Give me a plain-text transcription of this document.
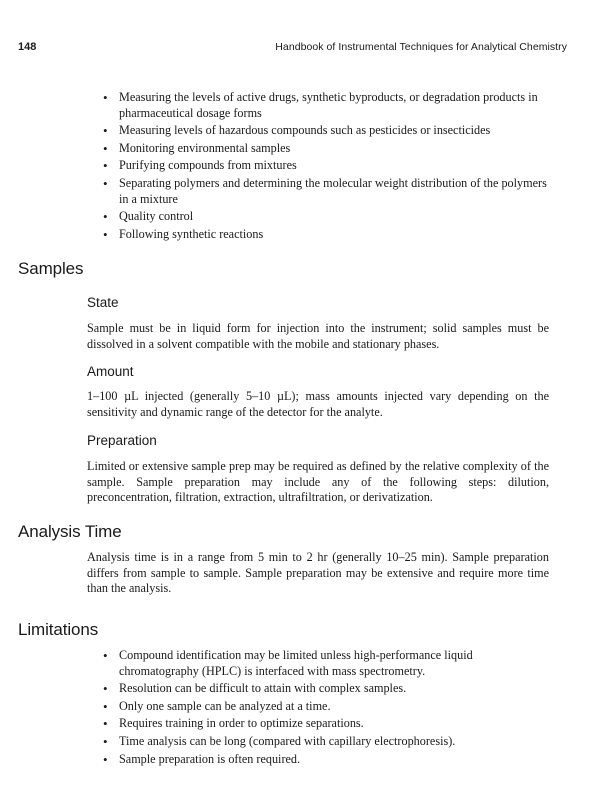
148	Handbook of Instrumental Techniques for Analytical Chemistry
• Measuring the levels of active drugs, synthetic byproducts, or degradation products in pharmaceutical dosage forms
• Measuring levels of hazardous compounds such as pesticides or insecticides
• Monitoring environmental samples
• Purifying compounds from mixtures
• Separating polymers and determining the molecular weight distribution of the polymers in a mixture
• Quality control
• Following synthetic reactions
Samples
State

Sample must be in liquid form for injection into the instrument; solid samples must be dissolved in a solvent compatible with the mobile and stationary phases.

Amount

1–100 µL injected (generally 5–10 µL); mass amounts injected vary depending on the sensitivity and dynamic range of the detector for the analyte.

Preparation

Limited or extensive sample prep may be required as defined by the relative complexity of the sample. Sample preparation may include any of the following steps: dilution, preconcentration, filtration, extraction, ultrafiltration, or derivatization.

Analysis Time

Analysis time is in a range from 5 min to 2 hr (generally 10–25 min). Sample preparation differs from sample to sample. Sample preparation may be extensive and require more time than the analysis.

Limitations
• Compound identification may be limited unless high-performance liquid chromatography (HPLC) is interfaced with mass spectrometry.
• Resolution can be difficult to attain with complex samples.
• Only one sample can be analyzed at a time.
• Requires training in order to optimize separations.
• Time analysis can be long (compared with capillary electrophoresis).
• Sample preparation is often required.
